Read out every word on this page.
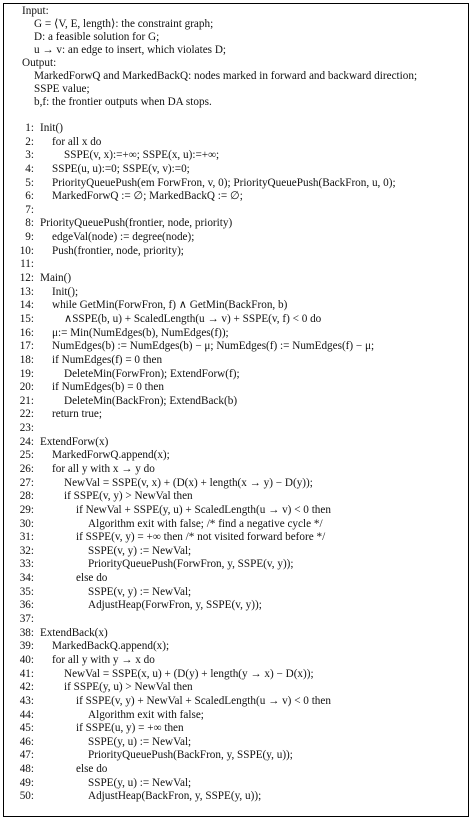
Input:
G = ⟨V, E, length⟩: the constraint graph;
D: a feasible solution for G;
u → v: an edge to insert, which violates D;
Output:
MarkedForwQ and MarkedBackQ: nodes marked in forward and backward direction;
SSPE value;
b,f: the frontier outputs when DA stops.
1: Init()
2: for all x do
3:	SSPE(v, x):=+∞; SSPE(x, u):=+∞;
4: SSPE(u, u):=0; SSPE(v, v):=0;
5: PriorityQueuePush(em ForwFron, v, 0); PriorityQueuePush(BackFron, u, 0);
6: MarkedForwQ := ∅; MarkedBackQ := ∅;
7:
8: PriorityQueuePush(frontier, node, priority)
9: edgeVal(node) := degree(node);
10: Push(frontier, node, priority);
11:
12: Main()
13: Init();
14: while GetMin(ForwFron, f) ∧ GetMin(BackFron, b)
15:	∧SSPE(b, u) + ScaledLength(u → v) + SSPE(v, f) < 0 do
16: μ:= Min(NumEdges(b), NumEdges(f));
17: NumEdges(b) := NumEdges(b) − μ; NumEdges(f) := NumEdges(f) − μ;
18: if NumEdges(f) = 0 then
19:	DeleteMin(ForwFron); ExtendForw(f);
20: if NumEdges(b) = 0 then
21:	DeleteMin(BackFron); ExtendBack(b)
22: return true;
23:
24: ExtendForw(x)
25: MarkedForwQ.append(x);
26: for all y with x → y do
27:	NewVal = SSPE(v, x) + (D(x) + length(x → y) − D(y));
28:	if SSPE(v, y) > NewVal then
29:	if NewVal + SSPE(y, u) + ScaledLength(u → v) < 0 then
30:	Algorithm exit with false; /* find a negative cycle */
31:	if SSPE(v, y) = +∞ then /* not visited forward before */
32:	SSPE(v, y) := NewVal;
33:	PriorityQueuePush(ForwFron, y, SSPE(v, y));
34:	else do
35:	SSPE(v, y) := NewVal;
36:	AdjustHeap(ForwFron, y, SSPE(v, y));
37:
38: ExtendBack(x)
39: MarkedBackQ.append(x);
40: for all y with y → x do
41:	NewVal = SSPE(x, u) + (D(y) + length(y → x) − D(x));
42:	if SSPE(y, u) > NewVal then
43:	if SSPE(v, y) + NewVal + ScaledLength(u → v) < 0 then
44:	Algorithm exit with false;
45:	if SSPE(u, y) = +∞ then
46:	SSPE(y, u) := NewVal;
47:	PriorityQueuePush(BackFron, y, SSPE(y, u));
48:	else do
49:	SSPE(y, u) := NewVal;
50:	AdjustHeap(BackFron, y, SSPE(y, u));
